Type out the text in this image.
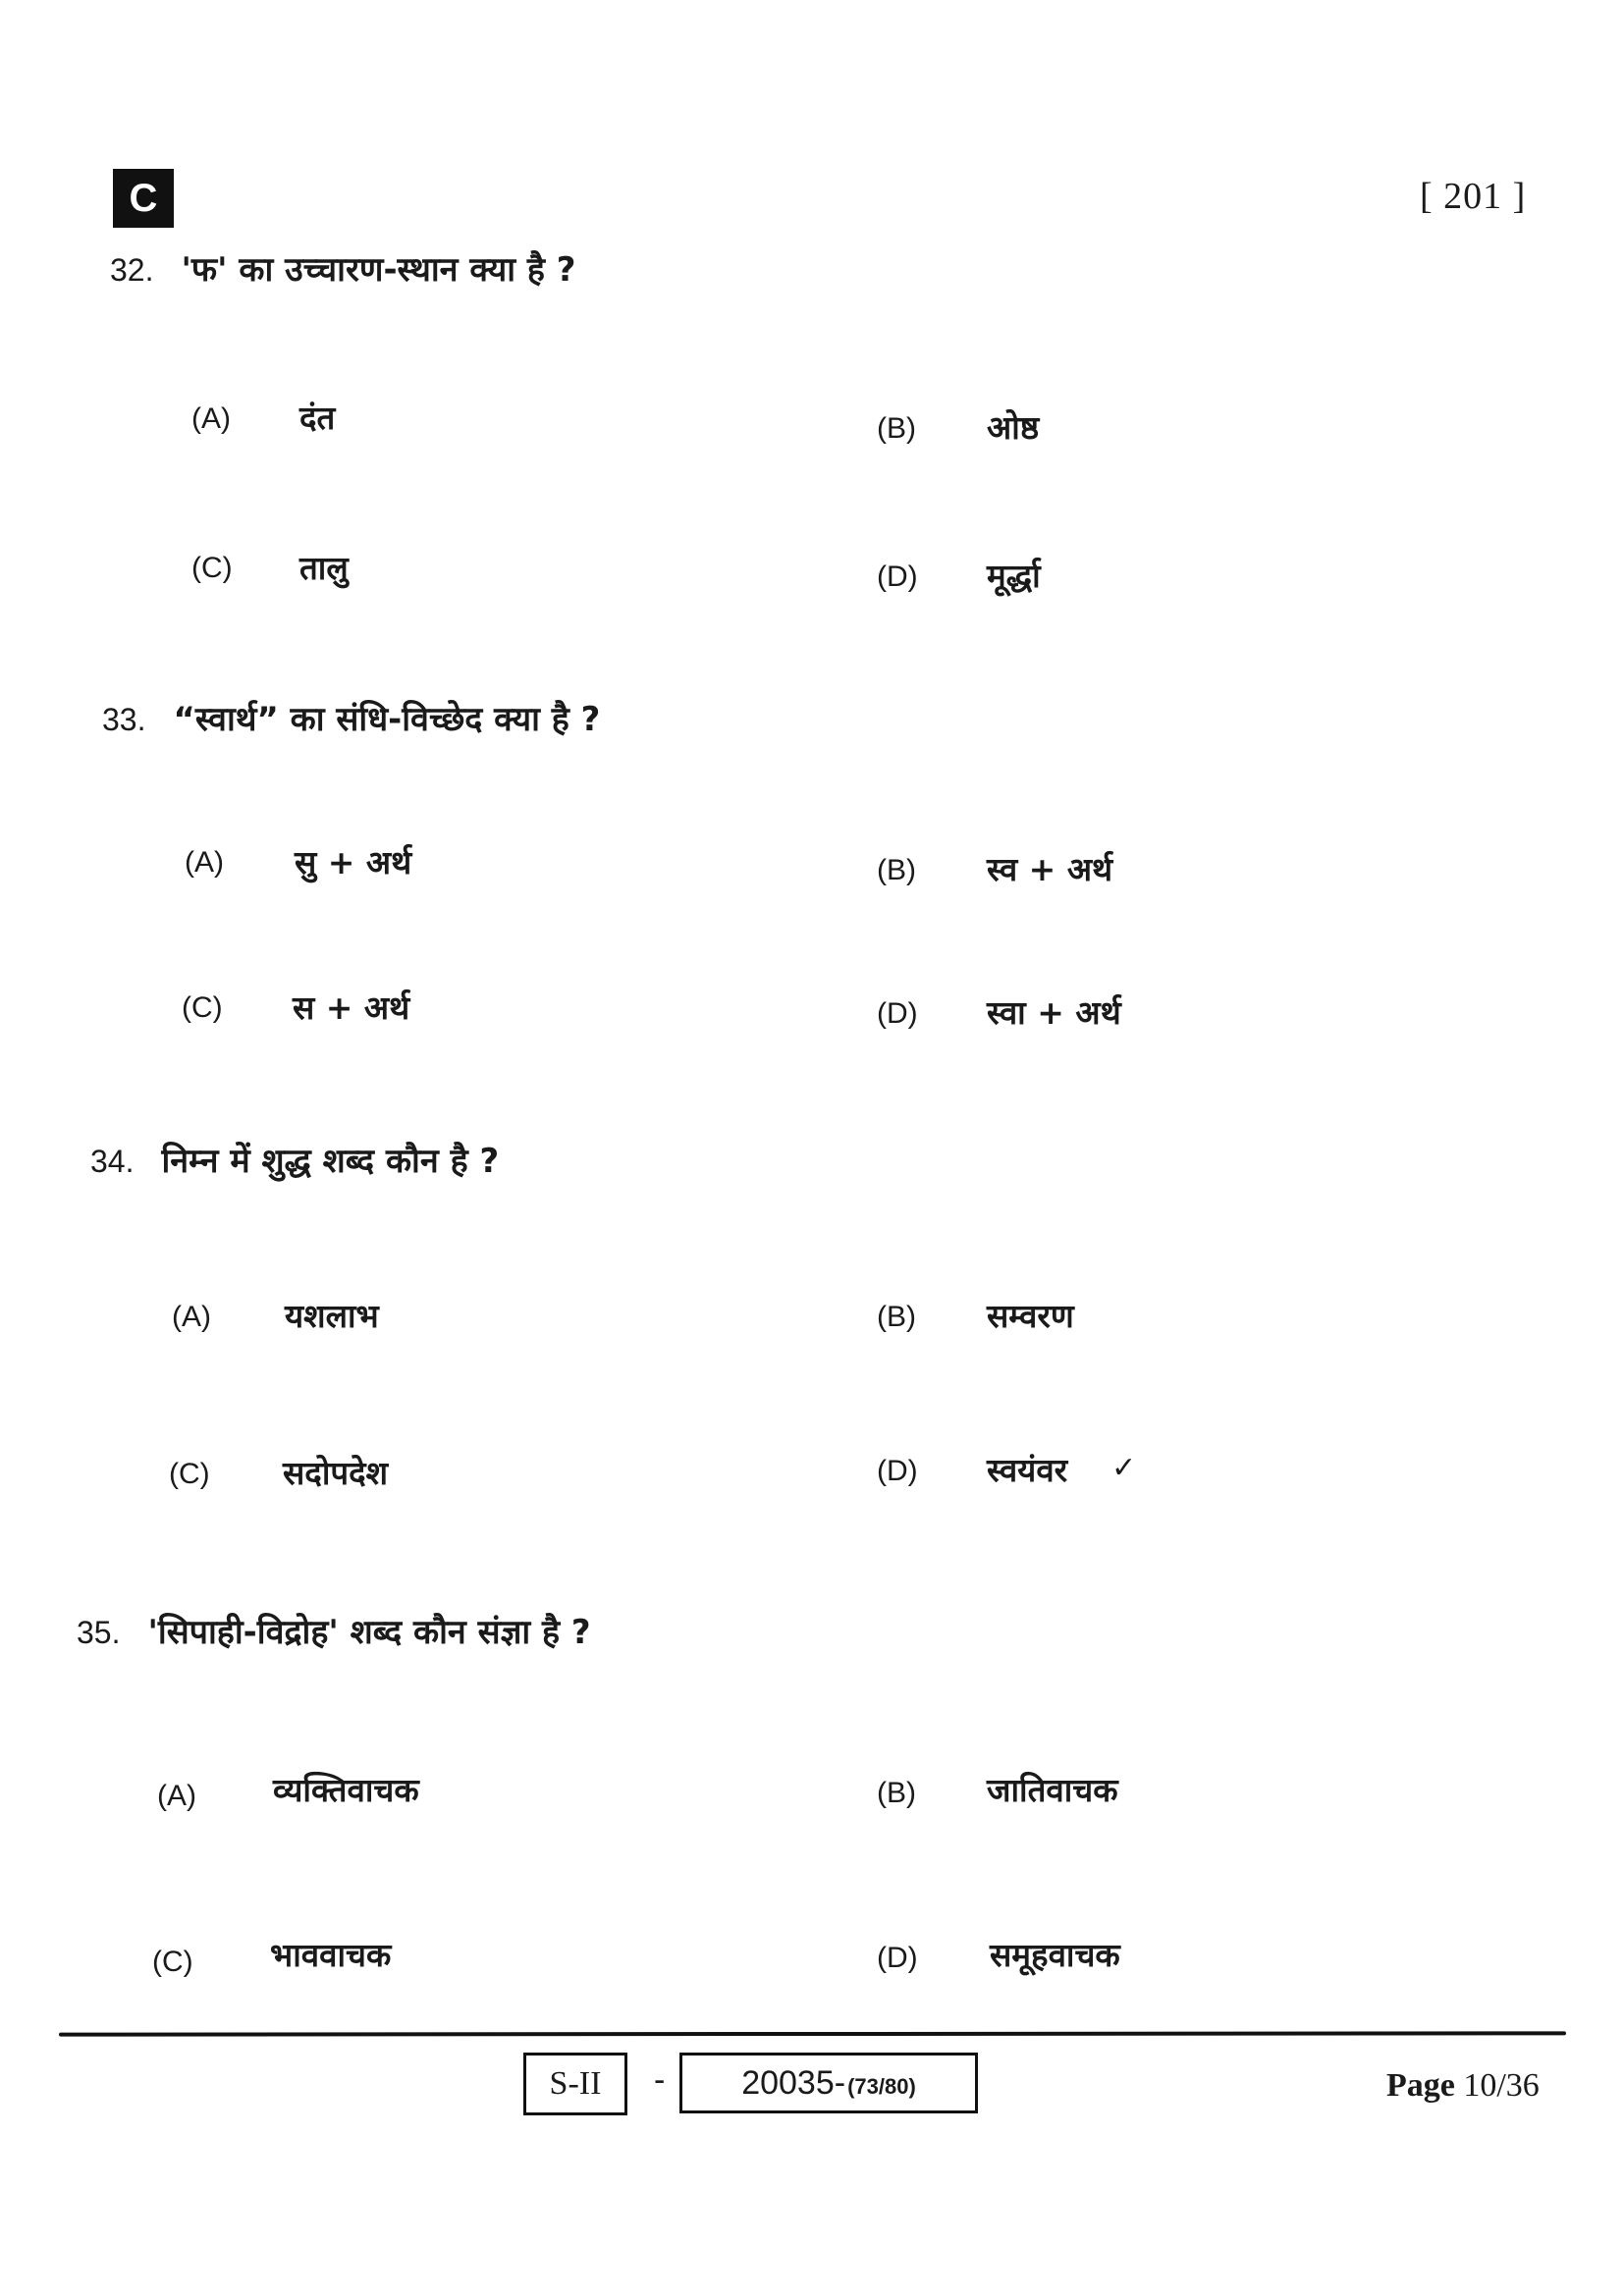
C	[ 201 ]
32. 'फ' का उच्चारण-स्थान क्या है ?
(A) दंत	(B) ओष्ठ
(C) तालु	(D) मूर्द्धा
33. “स्वार्थ” का संधि-विच्छेद क्या है ?
(A) सु + अर्थ	(B) स्व + अर्थ
(C) स + अर्थ	(D) स्वा + अर्थ
34. निम्न में शुद्ध शब्द कौन है ?
(A) यशलाभ	(B) सम्वरण
(C) सदोपदेश	(D) स्वयंवर ✓
35. 'सिपाही-विद्रोह' शब्द कौन संज्ञा है ?
(A) व्यक्तिवाचक	(B) जातिवाचक
(C) भाववाचक	(D) समूहवाचक
S-II	- 20035- (73/80)	Page 10/36
